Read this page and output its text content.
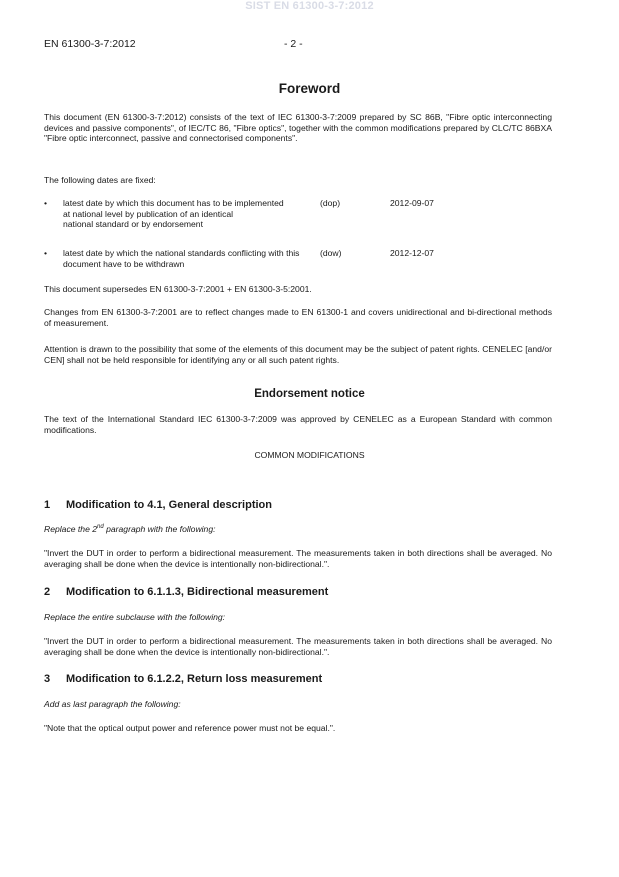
SIST EN 61300-3-7:2012
EN 61300-3-7:2012	- 2 -
Foreword
This document (EN 61300-3-7:2012) consists of the text of IEC 61300-3-7:2009 prepared by SC 86B, "Fibre optic interconnecting devices and passive components", of IEC/TC 86, "Fibre optics", together with the common modifications prepared by CLC/TC 86BXA "Fibre optic interconnect, passive and connectorised components".
The following dates are fixed:
• latest date by which this document has to be implemented
at national level by publication of an identical
national standard or by endorsement
(dop)	2012-09-07
• latest date by which the national standards conflicting with this document have to be withdrawn
(dow)	2012-12-07
This document supersedes EN 61300-3-7:2001 + EN 61300-3-5:2001.
Changes from EN 61300-3-7:2001 are to reflect changes made to EN 61300-1 and covers unidirectional and bi-directional methods of measurement.
Attention is drawn to the possibility that some of the elements of this document may be the subject of patent rights. CENELEC [and/or CEN] shall not be held responsible for identifying any or all such patent rights.
Endorsement notice
The text of the International Standard IEC 61300-3-7:2009 was approved by CENELEC as a European Standard with common modifications.
COMMON MODIFICATIONS
1 Modification to 4.1, General description
Replace the 2nd paragraph with the following:
"Invert the DUT in order to perform a bidirectional measurement. The measurements taken in both directions shall be averaged. No averaging shall be done when the device is intentionally non-bidirectional.".
2 Modification to 6.1.1.3, Bidirectional measurement
Replace the entire subclause with the following:
"Invert the DUT in order to perform a bidirectional measurement. The measurements taken in both directions shall be averaged. No averaging shall be done when the device is intentionally non-bidirectional.".
3 Modification to 6.1.2.2, Return loss measurement
Add as last paragraph the following:
"Note that the optical output power and reference power must not be equal.".
